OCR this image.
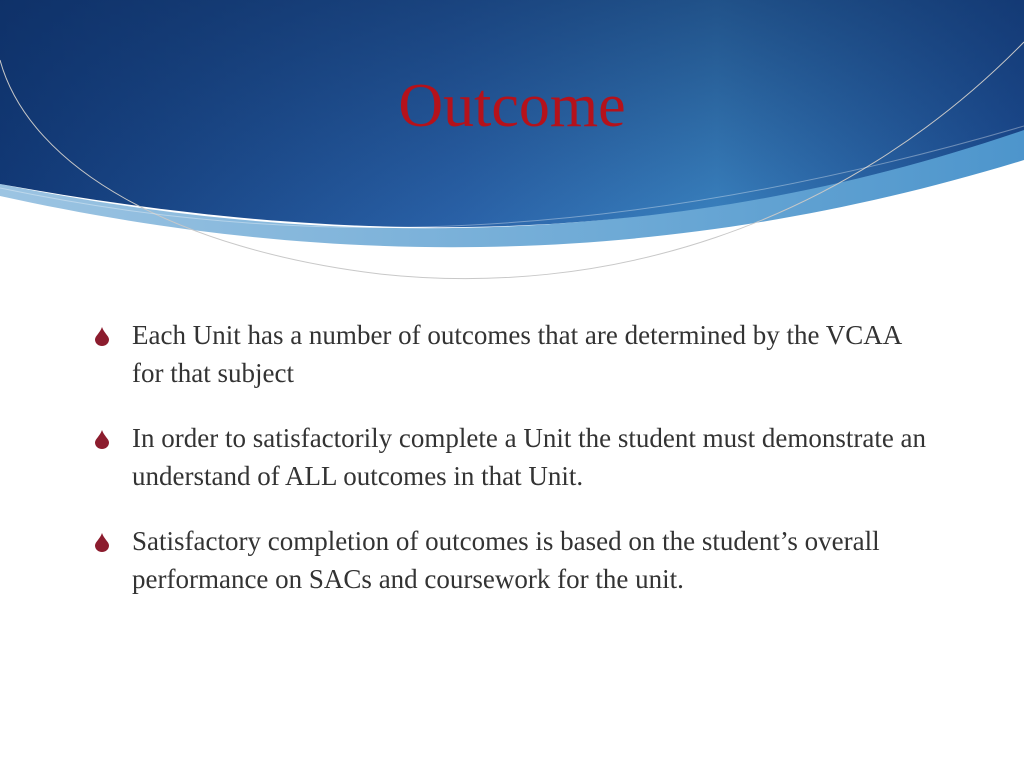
Outcome
Each Unit has a number of outcomes that are determined by the VCAA for that subject
In order to satisfactorily complete a Unit the student must demonstrate an understand of ALL outcomes in that Unit.
Satisfactory completion of outcomes is based on the student’s overall performance on SACs and coursework for the unit.
